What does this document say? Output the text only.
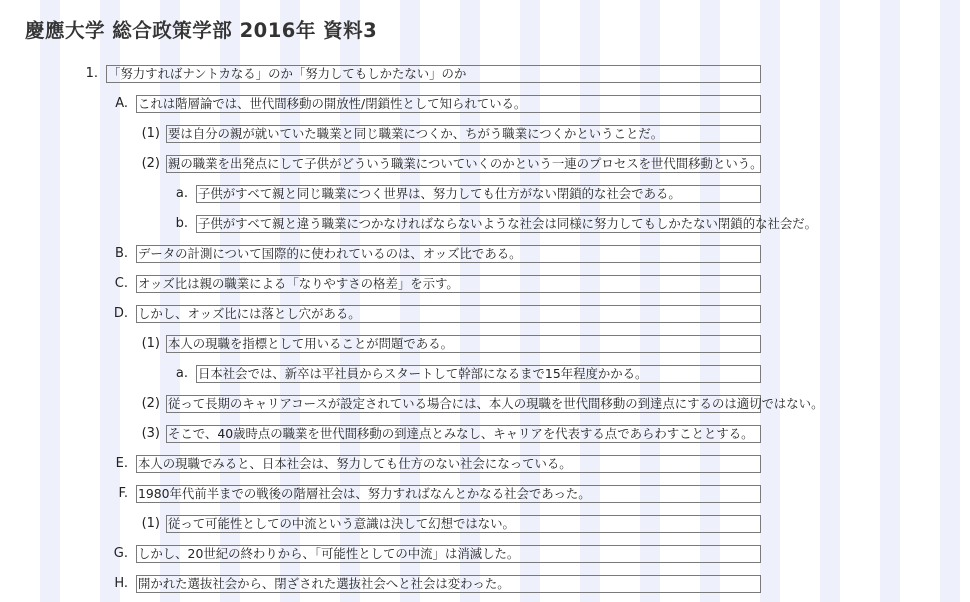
慶應大学 総合政策学部 2016年 資料3
1. 「努力すればナントカなる」のか「努力してもしかたない」のか
A. これは階層論では、世代間移動の開放性/閉鎖性として知られている。
(1) 要は自分の親が就いていた職業と同じ職業につくか、ちがう職業につくかということだ。
(2) 親の職業を出発点にして子供がどういう職業についていくのかという一連のプロセスを世代間移動という。
a. 子供がすべて親と同じ職業につく世界は、努力しても仕方がない閉鎖的な社会である。
b. 子供がすべて親と違う職業につかなければならないような社会は同様に努力してもしかたない閉鎖的な社会だ。
B. データの計測について国際的に使われているのは、オッズ比である。
C. オッズ比は親の職業による「なりやすさの格差」を示す。
D. しかし、オッズ比には落とし穴がある。
(1) 本人の現職を指標として用いることが問題である。
a. 日本社会では、新卒は平社員からスタートして幹部になるまで15年程度かかる。
(2) 従って長期のキャリアコースが設定されている場合には、本人の現職を世代間移動の到達点にするのは適切ではない。
(3) そこで、40歳時点の職業を世代間移動の到達点とみなし、キャリアを代表する点であらわすこととする。
E. 本人の現職でみると、日本社会は、努力しても仕方のない社会になっている。
F. 1980年代前半までの戦後の階層社会は、努力すればなんとかなる社会であった。
(1) 従って可能性としての中流という意識は決して幻想ではない。
G. しかし、20世紀の終わりから、「可能性としての中流」は消滅した。
H. 開かれた選抜社会から、閉ざされた選抜社会へと社会は変わった。
